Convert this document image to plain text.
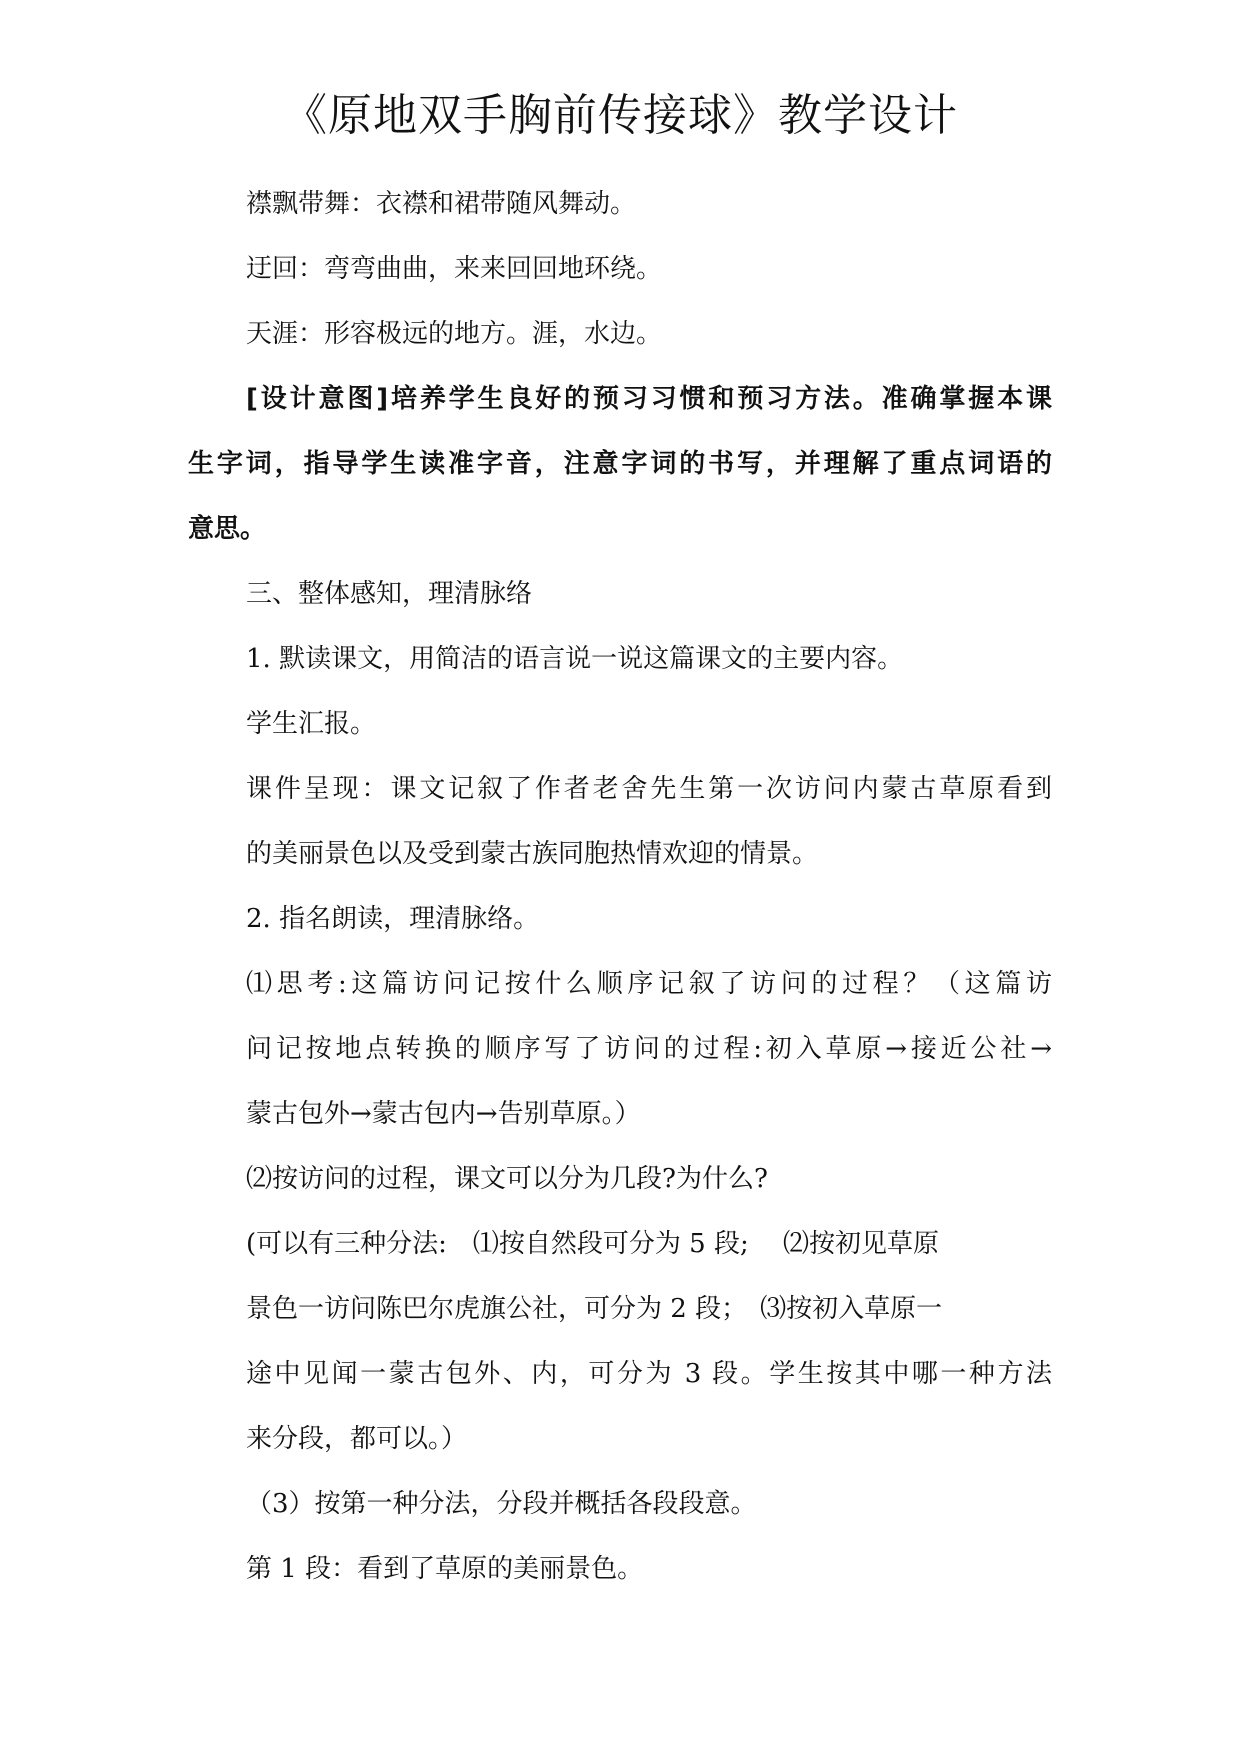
《原地双手胸前传接球》教学设计

襟飘带舞：衣襟和裙带随风舞动。

迂回：弯弯曲曲，来来回回地环绕。

天涯：形容极远的地方。涯，水边。

[设计意图]培养学生良好的预习习惯和预习方法。准确掌握本课

生字词，指导学生读准字音，注意字词的书写，并理解了重点词语的

意思。

三、整体感知，理清脉络

1. 默读课文，用简洁的语言说一说这篇课文的主要内容。

学生汇报。

课件呈现：课文记叙了作者老舍先生第一次访问内蒙古草原看到

的美丽景色以及受到蒙古族同胞热情欢迎的情景。

2. 指名朗读，理清脉络。

⑴思考:这篇访问记按什么顺序记叙了访问的过程？（这篇访

问记按地点转换的顺序写了访问的过程:初入草原→接近公社→

蒙古包外→蒙古包内→告别草原。）

⑵按访问的过程，课文可以分为几段?为什么?

(可以有三种分法:　⑴按自然段可分为 5 段;　 ⑵按初见草原

景色一访问陈巴尔虎旗公社，可分为 2 段；　⑶按初入草原一

途中见闻一蒙古包外、内，可分为 3 段。学生按其中哪一种方法

来分段，都可以。）

（3）按第一种分法，分段并概括各段段意。

第 1 段：看到了草原的美丽景色。
